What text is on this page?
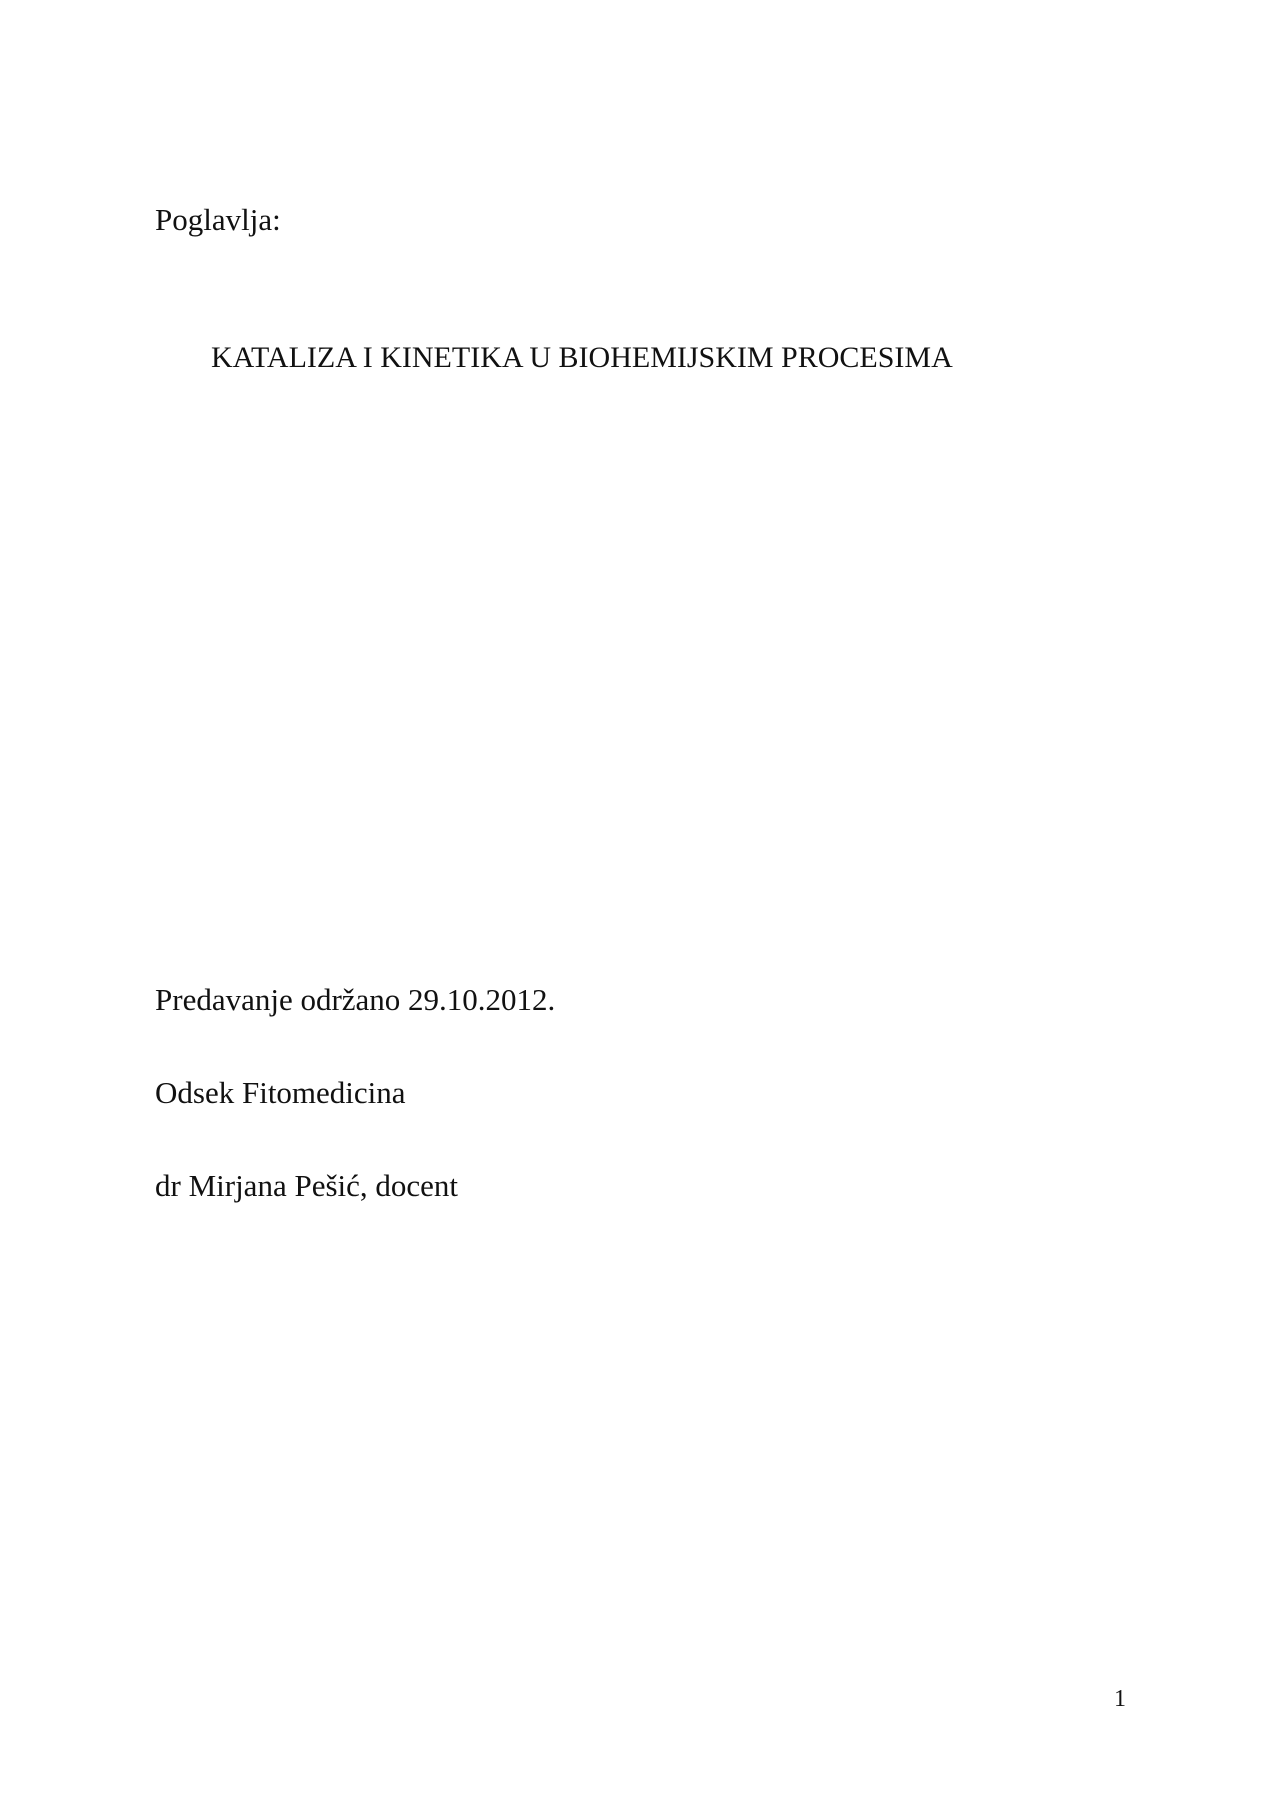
Poglavlja:
KATALIZA I KINETIKA U BIOHEMIJSKIM PROCESIMA
Predavanje održano 29.10.2012.
Odsek Fitomedicina
dr Mirjana Pešić, docent
1
